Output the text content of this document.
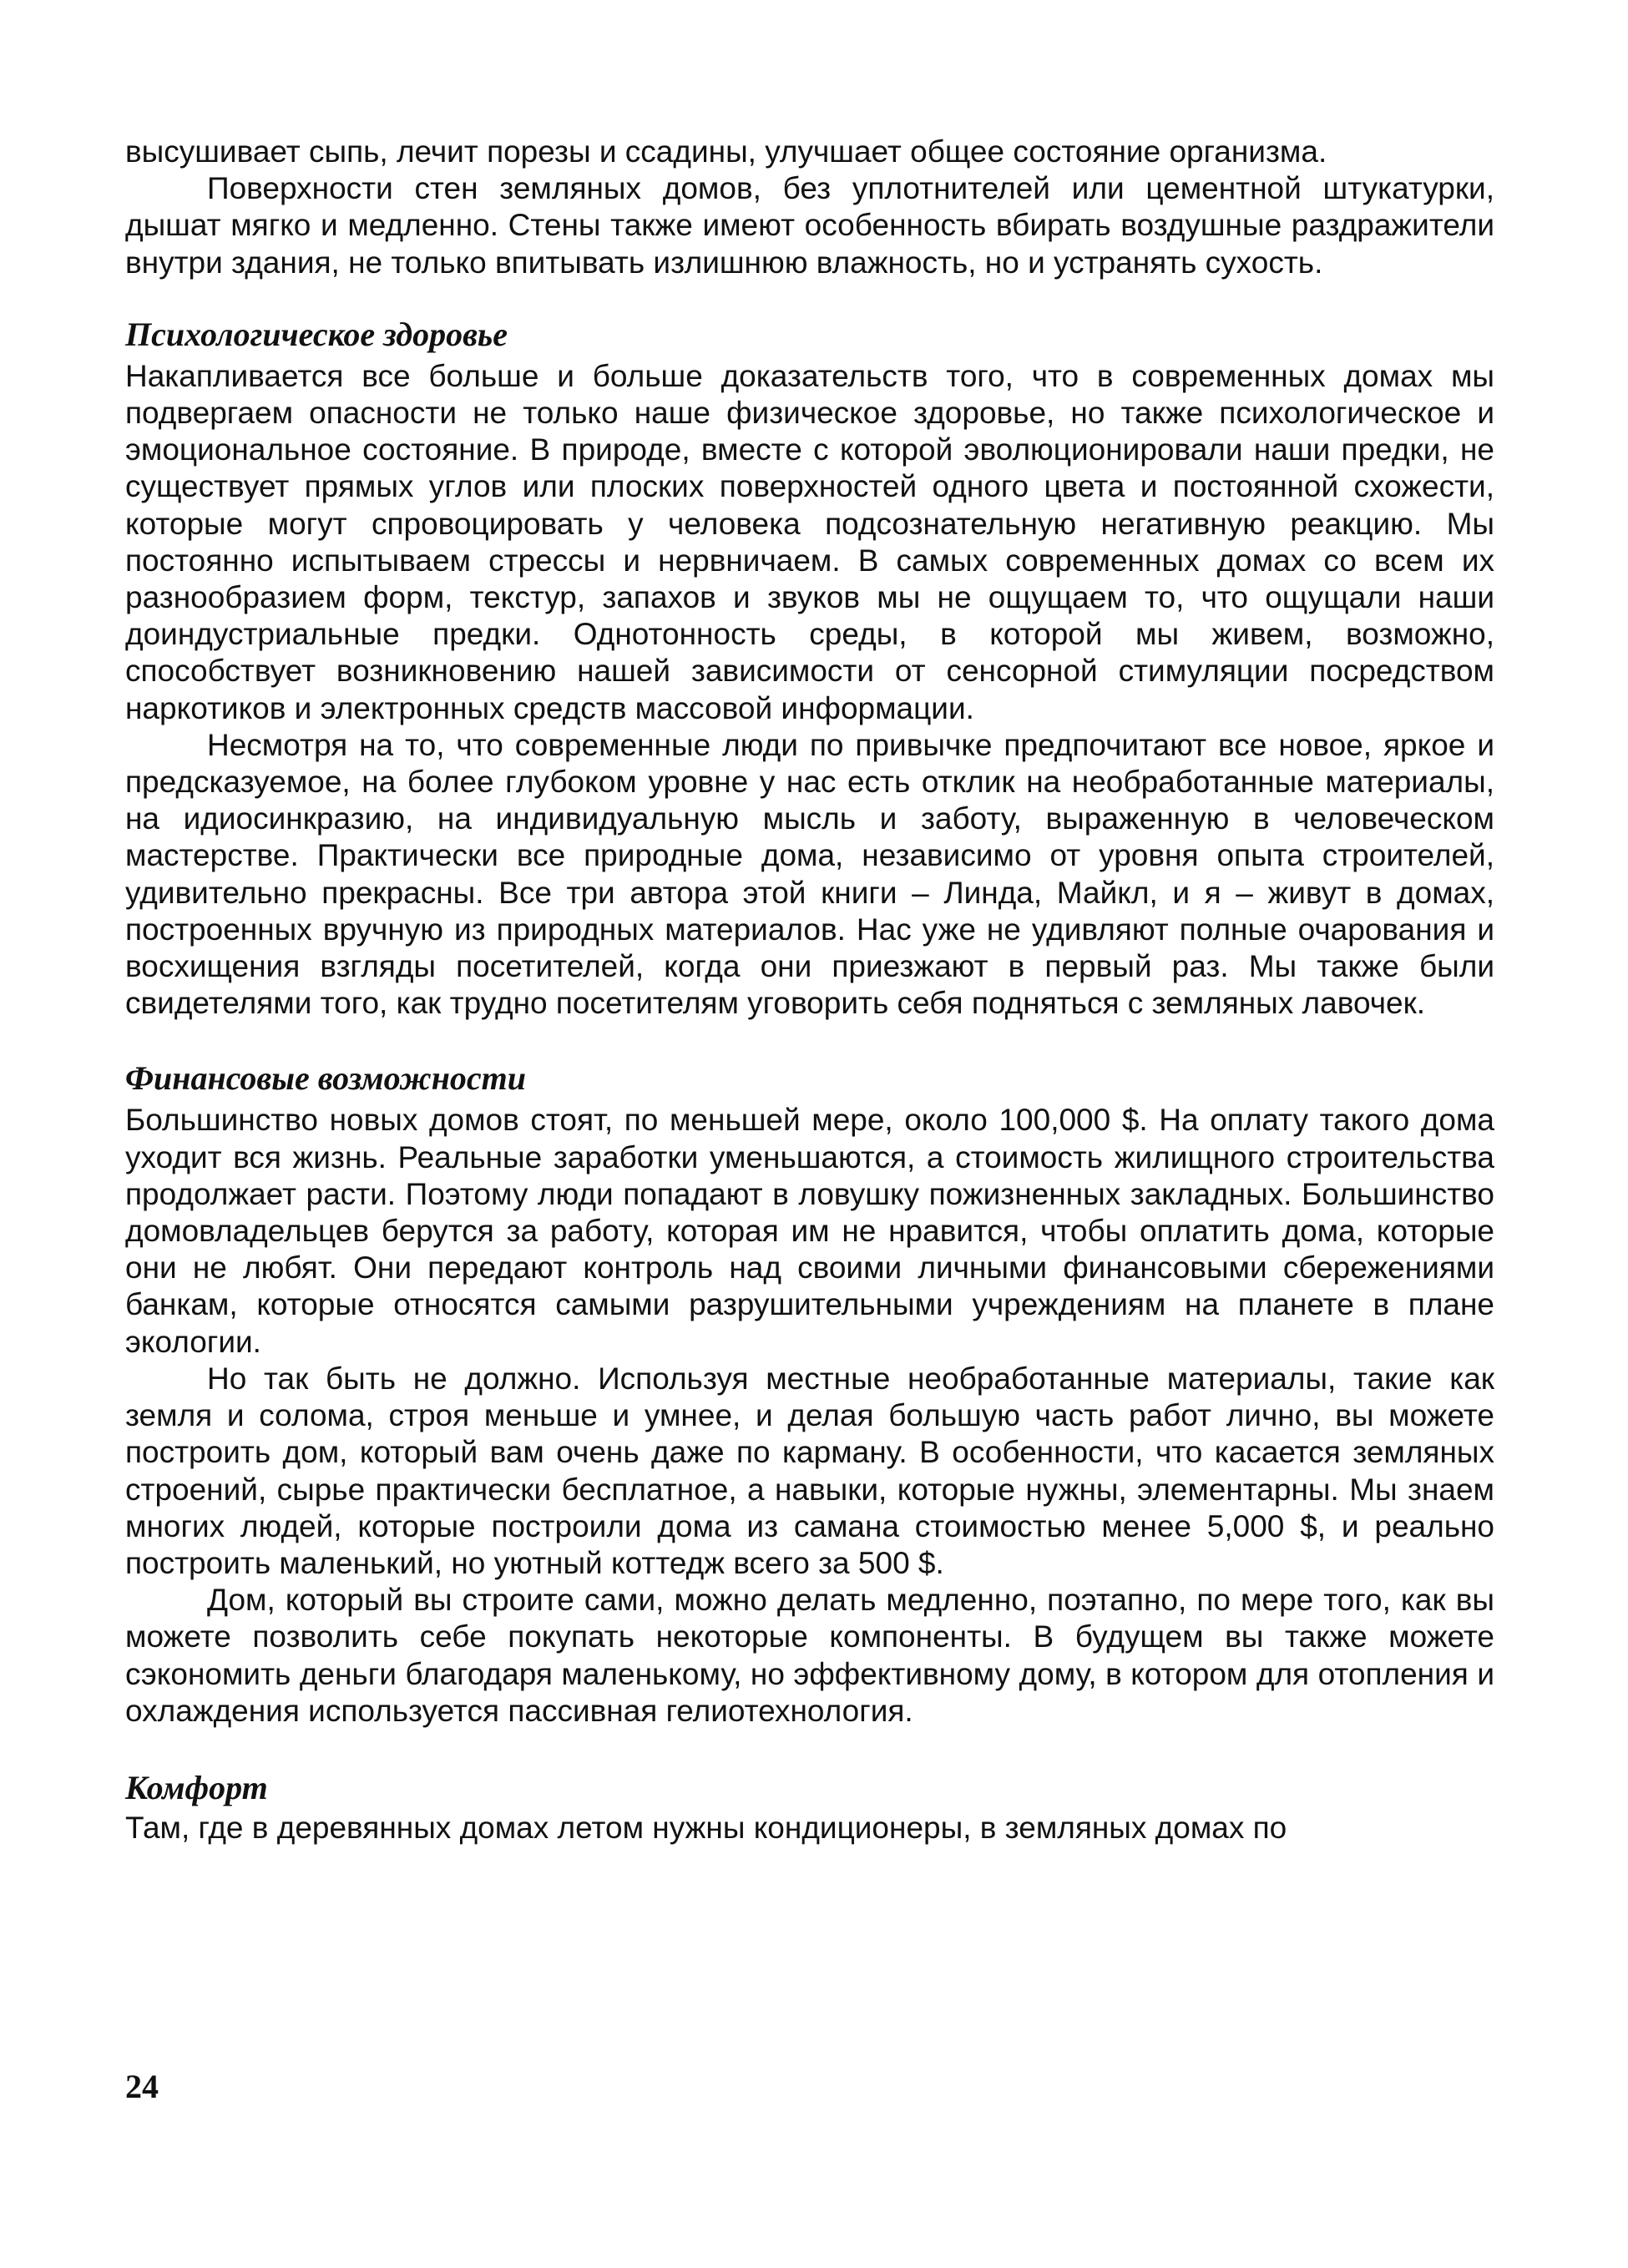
высушивает сыпь, лечит порезы и ссадины, улучшает общее состояние организма.

Поверхности стен земляных домов, без уплотнителей или цементной штукатурки, дышат мягко и медленно. Стены также имеют особенность вбирать воздушные раздражители внутри здания, не только впитывать излишнюю влажность, но и устранять сухость.

Психологическое здоровье

Накапливается все больше и больше доказательств того, что в современных домах мы подвергаем опасности не только наше физическое здоровье, но также психологическое и эмоциональное состояние. В природе, вместе с которой эволюционировали наши предки, не существует прямых углов или плоских поверхностей одного цвета и постоянной схожести, которые могут спровоцировать у человека подсознательную негативную реакцию. Мы постоянно испытываем стрессы и нервничаем. В самых современных домах со всем их разнообразием форм, текстур, запахов и звуков мы не ощущаем то, что ощущали наши доиндустриальные предки. Однотонность среды, в которой мы живем, возможно, способствует возникновению нашей зависимости от сенсорной стимуляции посредством наркотиков и электронных средств массовой информации.

Несмотря на то, что современные люди по привычке предпочитают все новое, яркое и предсказуемое, на более глубоком уровне у нас есть отклик на необработанные материалы, на идиосинкразию, на индивидуальную мысль и заботу, выраженную в человеческом мастерстве. Практически все природные дома, независимо от уровня опыта строителей, удивительно прекрасны. Все три автора этой книги – Линда, Майкл, и я – живут в домах, построенных вручную из природных материалов. Нас уже не удивляют полные очарования и восхищения взгляды посетителей, когда они приезжают в первый раз. Мы также были свидетелями того, как трудно посетителям уговорить себя подняться с земляных лавочек.

Финансовые возможности

Большинство новых домов стоят, по меньшей мере, около 100,000 $. На оплату такого дома уходит вся жизнь. Реальные заработки уменьшаются, а стоимость жилищного строительства продолжает расти. Поэтому люди попадают в ловушку пожизненных закладных. Большинство домовладельцев берутся за работу, которая им не нравится, чтобы оплатить дома, которые они не любят. Они передают контроль над своими личными финансовыми сбережениями банкам, которые относятся самыми разрушительными учреждениям на планете в плане экологии.

Но так быть не должно. Используя местные необработанные материалы, такие как земля и солома, строя меньше и умнее, и делая большую часть работ лично, вы можете построить дом, который вам очень даже по карману. В особенности, что касается земляных строений, сырье практически бесплатное, а навыки, которые нужны, элементарны. Мы знаем многих людей, которые построили дома из самана стоимостью менее 5,000 $, и реально построить маленький, но уютный коттедж всего за 500 $.

Дом, который вы строите сами, можно делать медленно, поэтапно, по мере того, как вы можете позволить себе покупать некоторые компоненты. В будущем вы также можете сэкономить деньги благодаря маленькому, но эффективному дому, в котором для отопления и охлаждения используется пассивная гелиотехнология.

Комфорт

Там, где в деревянных домах летом нужны кондиционеры, в земляных домах по

24
